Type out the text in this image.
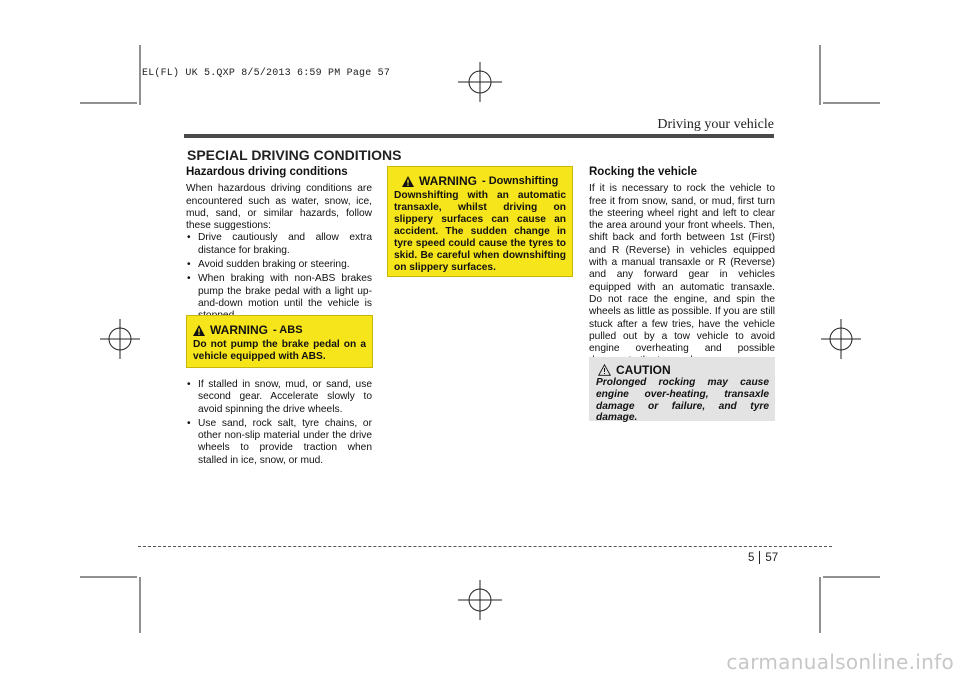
EL(FL) UK 5.QXP 8/5/2013 6:59 PM Page 57
Driving your vehicle
SPECIAL DRIVING CONDITIONS
Hazardous driving conditions

When hazardous driving conditions are encountered such as water, snow, ice, mud, sand, or similar hazards, follow these suggestions:

• Drive cautiously and allow extra distance for braking.
• Avoid sudden braking or steering.
• When braking with non-ABS brakes pump the brake pedal with a light up-and-down motion until the vehicle is
WARNING - ABS
Do not pump the brake pedal on a vehicle equipped with ABS.
• If stalled in snow, mud, or sand, use second gear. Accelerate slowly to avoid spinning the drive wheels.
• Use sand, rock salt, tyre chains, or other non-slip material under the drive wheels to provide traction when stalled in ice, snow, or mud.
WARNING - Downshifting
Downshifting with an automatic transaxle, whilst driving on slippery surfaces can cause an accident. The sudden change in tyre speed could cause the tyres to skid. Be careful when downshifting on slippery surfaces.
Rocking the vehicle

If it is necessary to rock the vehicle to free it from snow, sand, or mud, first turn the steering wheel right and left to clear the area around your front wheels. Then, shift back and forth between 1st (First) and R (Reverse) in vehicles equipped with a manual transaxle or R (Reverse) and any forward gear in vehicles equipped with an automatic transaxle. Do not race the engine, and spin the wheels as little as possible. If you are still stuck after a few tries, have the vehicle pulled out by a tow vehicle to avoid engine overheating and possible

CAUTION
Prolonged rocking may cause engine over-heating, transaxle damage or failure, and tyre damage.
5 57
carmanualsonline.info
